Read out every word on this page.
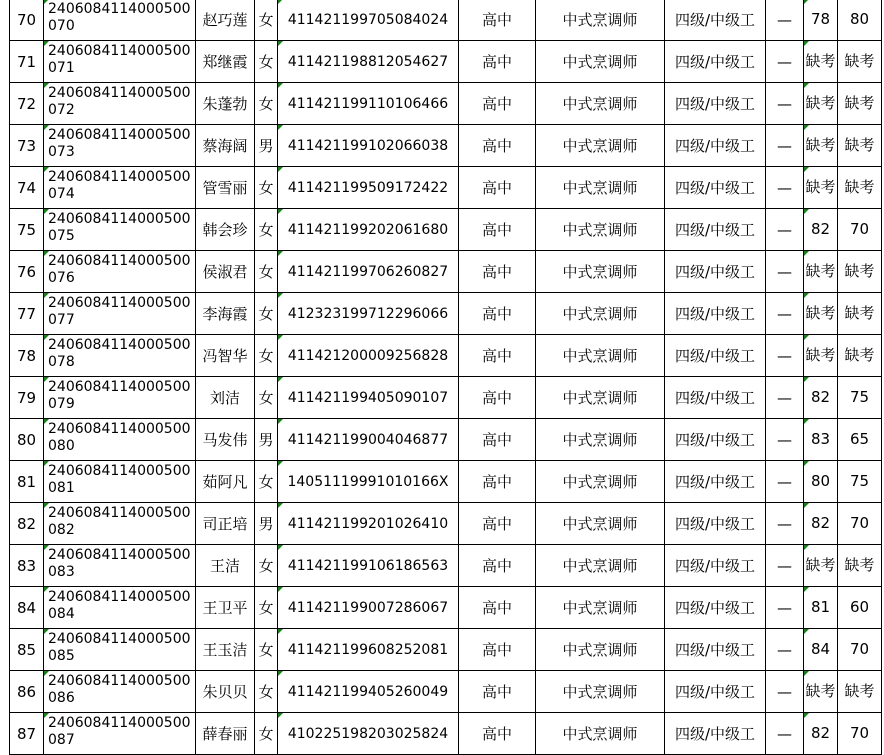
70	2406084114000500070	赵巧莲	女	411421199705084024	高中	中式烹调师	四级/中级工	—	78	80
71	2406084114000500071	郑继霞	女	411421198812054627	高中	中式烹调师	四级/中级工	—	缺考	缺考
72	2406084114000500072	朱蓬勃	女	411421199110106466	高中	中式烹调师	四级/中级工	—	缺考	缺考
73	2406084114000500073	蔡海阔	男	411421199102066038	高中	中式烹调师	四级/中级工	—	缺考	缺考
74	2406084114000500074	管雪丽	女	411421199509172422	高中	中式烹调师	四级/中级工	—	缺考	缺考
75	2406084114000500075	韩会珍	女	411421199202061680	高中	中式烹调师	四级/中级工	—	82	70
76	2406084114000500076	侯淑君	女	411421199706260827	高中	中式烹调师	四级/中级工	—	缺考	缺考
77	2406084114000500077	李海霞	女	412323199712296066	高中	中式烹调师	四级/中级工	—	缺考	缺考
78	2406084114000500078	冯智华	女	411421200009256828	高中	中式烹调师	四级/中级工	—	缺考	缺考
79	2406084114000500079	刘洁	女	411421199405090107	高中	中式烹调师	四级/中级工	—	82	75
80	2406084114000500080	马发伟	男	411421199004046877	高中	中式烹调师	四级/中级工	—	83	65
81	2406084114000500081	茹阿凡	女	14051119991010166X	高中	中式烹调师	四级/中级工	—	80	75
82	2406084114000500082	司正培	男	411421199201026410	高中	中式烹调师	四级/中级工	—	82	70
83	2406084114000500083	王洁	女	411421199106186563	高中	中式烹调师	四级/中级工	—	缺考	缺考
84	2406084114000500084	王卫平	女	411421199007286067	高中	中式烹调师	四级/中级工	—	81	60
85	2406084114000500085	王玉洁	女	411421199608252081	高中	中式烹调师	四级/中级工	—	84	70
86	2406084114000500086	朱贝贝	女	411421199405260049	高中	中式烹调师	四级/中级工	—	缺考	缺考
87	2406084114000500087	薛春丽	女	410225198203025824	高中	中式烹调师	四级/中级工	—	82	70
